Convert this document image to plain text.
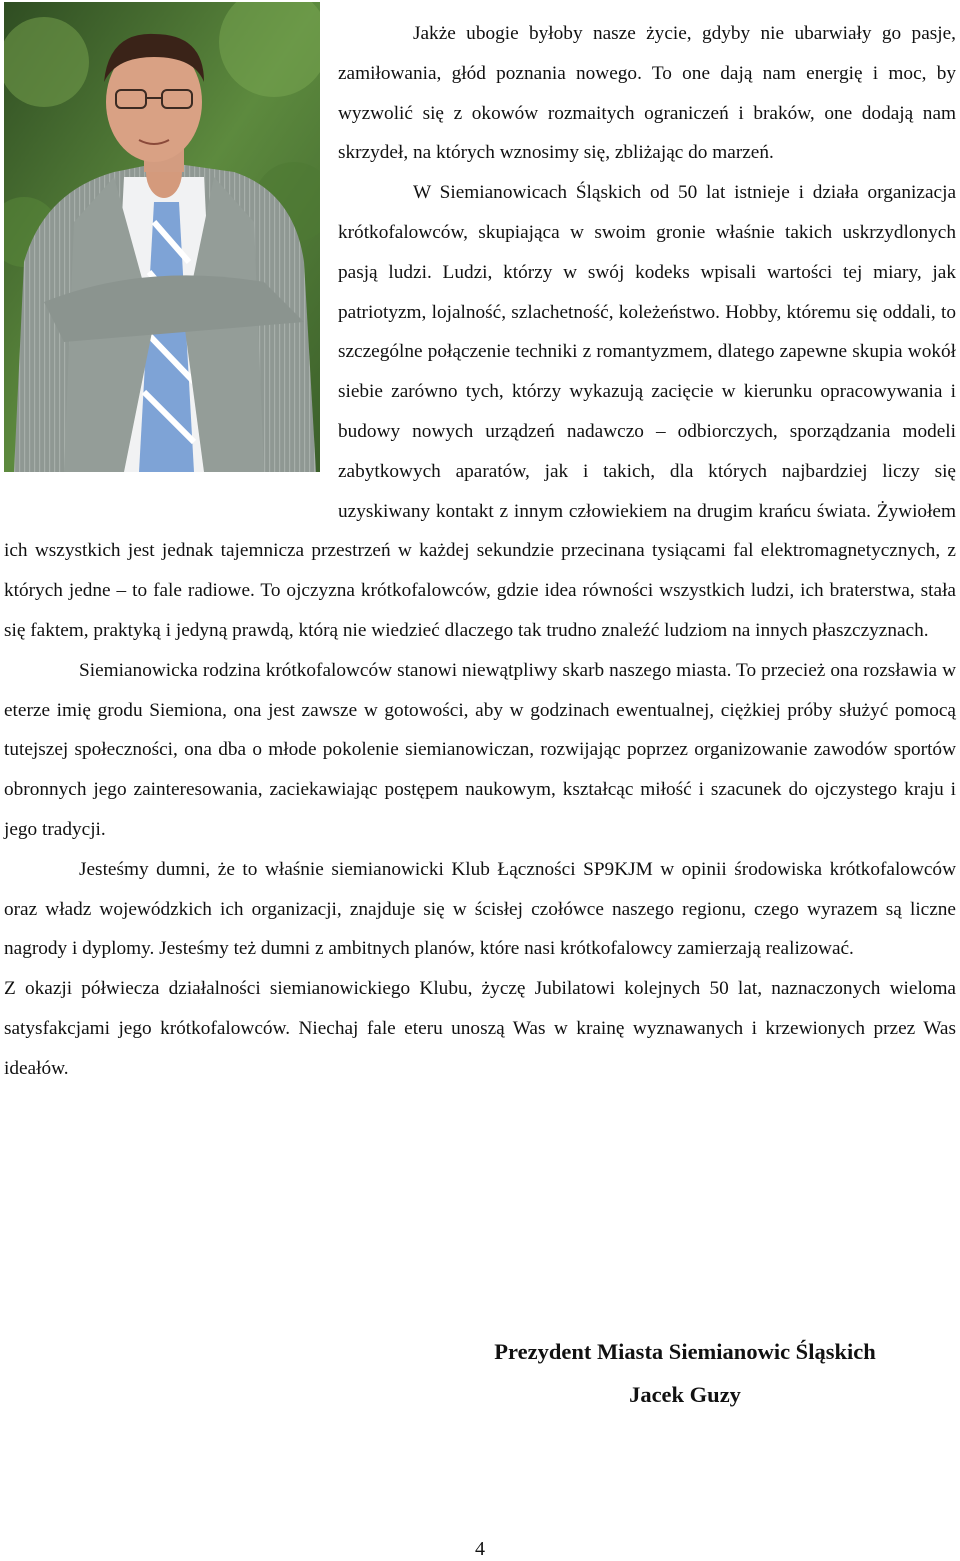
Jakże ubogie byłoby nasze życie, gdyby nie ubarwiały go pasje, zamiłowania, głód poznania nowego. To one dają nam energię i moc, by wyzwolić się z okowów rozmaitych ograniczeń i braków, one dodają nam skrzydeł, na których wznosimy się, zbliżając do marzeń.

W Siemianowicach Śląskich od 50 lat istnieje i działa organizacja krótkofalowców, skupiająca w swoim gronie właśnie takich uskrzydlonych pasją ludzi. Ludzi, którzy w swój kodeks wpisali wartości tej miary, jak patriotyzm, lojalność, szlachetność, koleżeństwo. Hobby, któremu się oddali, to szczególne połączenie techniki z romantyzmem, dlatego zapewne skupia wokół siebie zarówno tych, którzy wykazują zacięcie w kierunku opracowywania i budowy nowych urządzeń nadawczo – odbiorczych, sporządzania modeli zabytkowych aparatów, jak i takich, dla których najbardziej liczy się uzyskiwany kontakt z innym człowiekiem na drugim krańcu świata. Żywiołem ich wszystkich jest jednak tajemnicza przestrzeń w każdej sekundzie przecinana tysiącami fal elektromagnetycznych, z których jedne – to fale radiowe. To ojczyzna krótkofalowców, gdzie idea równości wszystkich ludzi, ich braterstwa, stała się faktem, praktyką i jedyną prawdą, którą nie wiedzieć dlaczego tak trudno znaleźć ludziom na innych płaszczyznach.

Siemianowicka rodzina krótkofalowców stanowi niewątpliwy skarb naszego miasta. To przecież ona rozsławia w eterze imię grodu Siemiona, ona jest zawsze w gotowości, aby w godzinach ewentualnej, ciężkiej próby służyć pomocą tutejszej społeczności, ona dba o młode pokolenie siemianowiczan, rozwijając poprzez organizowanie zawodów sportów obronnych jego zainteresowania, zaciekawiając postępem naukowym, kształcąc miłość i szacunek do ojczystego kraju i jego tradycji.

Jesteśmy dumni, że to właśnie siemianowicki Klub Łączności SP9KJM w opinii środowiska krótkofalowców oraz władz wojewódzkich ich organizacji, znajduje się w ścisłej czołówce naszego regionu, czego wyrazem są liczne nagrody i dyplomy. Jesteśmy też dumni z ambitnych planów, które nasi krótkofalowcy zamierzają realizować.

Z okazji półwiecza działalności siemianowickiego Klubu, życzę Jubilatowi kolejnych 50 lat, naznaczonych wieloma satysfakcjami jego krótkofalowców. Niechaj fale eteru unoszą Was w krainę wyznawanych i krzewionych przez Was ideałów.

Prezydent Miasta Siemianowic Śląskich
Jacek Guzy
4
